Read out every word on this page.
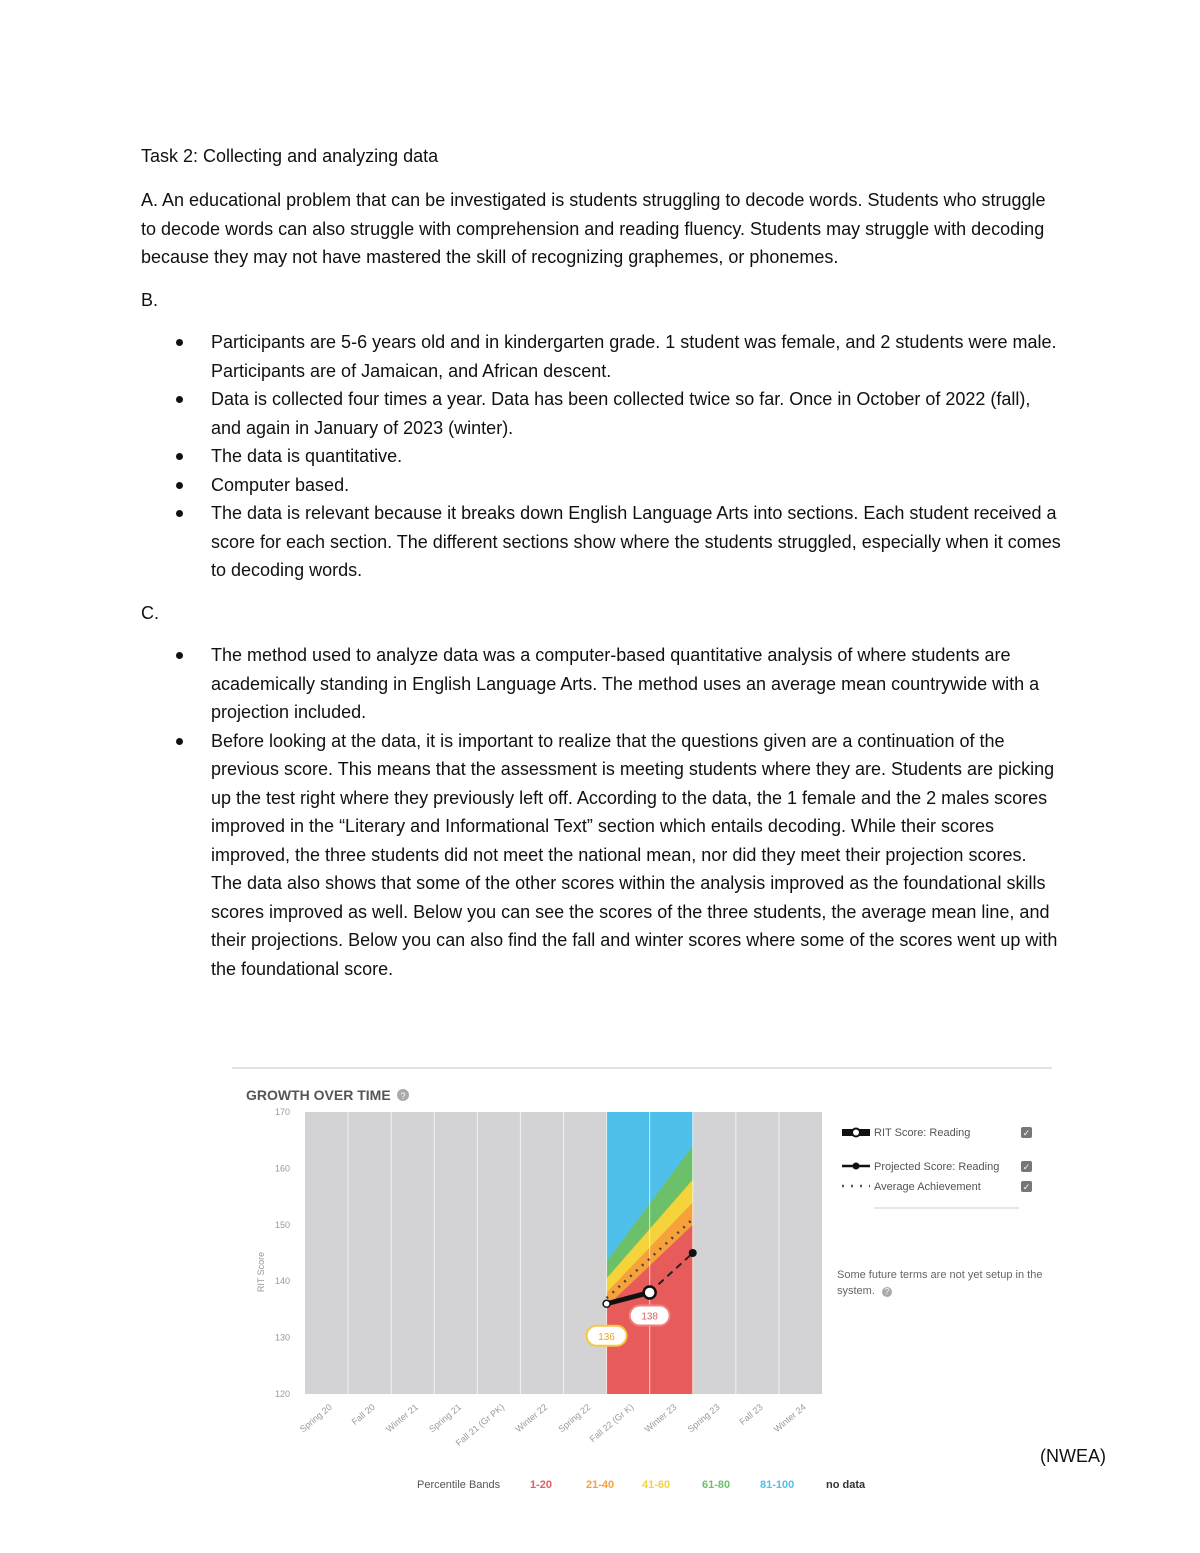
Task 2: Collecting and analyzing data

A. An educational problem that can be investigated is students struggling to decode words. Students who struggle to decode words can also struggle with comprehension and reading fluency. Students may struggle with decoding because they may not have mastered the skill of recognizing graphemes, or phonemes.

B.

Participants are 5-6 years old and in kindergarten grade. 1 student was female, and 2 students were male. Participants are of Jamaican, and African descent.
Data is collected four times a year. Data has been collected twice so far. Once in October of 2022 (fall), and again in January of 2023 (winter).
The data is quantitative.
Computer based.
The data is relevant because it breaks down English Language Arts into sections. Each student received a score for each section. The different sections show where the students struggled, especially when it comes to decoding words.

C.

The method used to analyze data was a computer-based quantitative analysis of where students are academically standing in English Language Arts. The method uses an average mean countrywide with a projection included.
Before looking at the data, it is important to realize that the questions given are a continuation of the previous score. This means that the assessment is meeting students where they are. Students are picking up the test right where they previously left off. According to the data, the 1 female and the 2 males scores improved in the “Literary and Informational Text” section which entails decoding. While their scores improved, the three students did not meet the national mean, nor did they meet their projection scores. The data also shows that some of the other scores within the analysis improved as the foundational skills scores improved as well. Below you can see the scores of the three students, the average mean line, and their projections. Below you can also find the fall and winter scores where some of the scores went up with the foundational score.
GROWTH OVER TIME ?
170
160
150
140
130
120
Spring 20 Fall 20 Winter 21 Spring 21
Fall 21 (Gr PK) Winter 22 Spring 22
Fall 22 (Gr K) Winter 23 Spring 23 Fall 23 Winter 24
136
138
RIT Score
RIT Score: Reading	✓
Projected Score: Reading	✓
Average Achievement	✓
Some future terms are not yet setup in the system. ?
Percentile Bands	1-20	21-40	41-60	61-80	81-100	no data
(NWEA)
